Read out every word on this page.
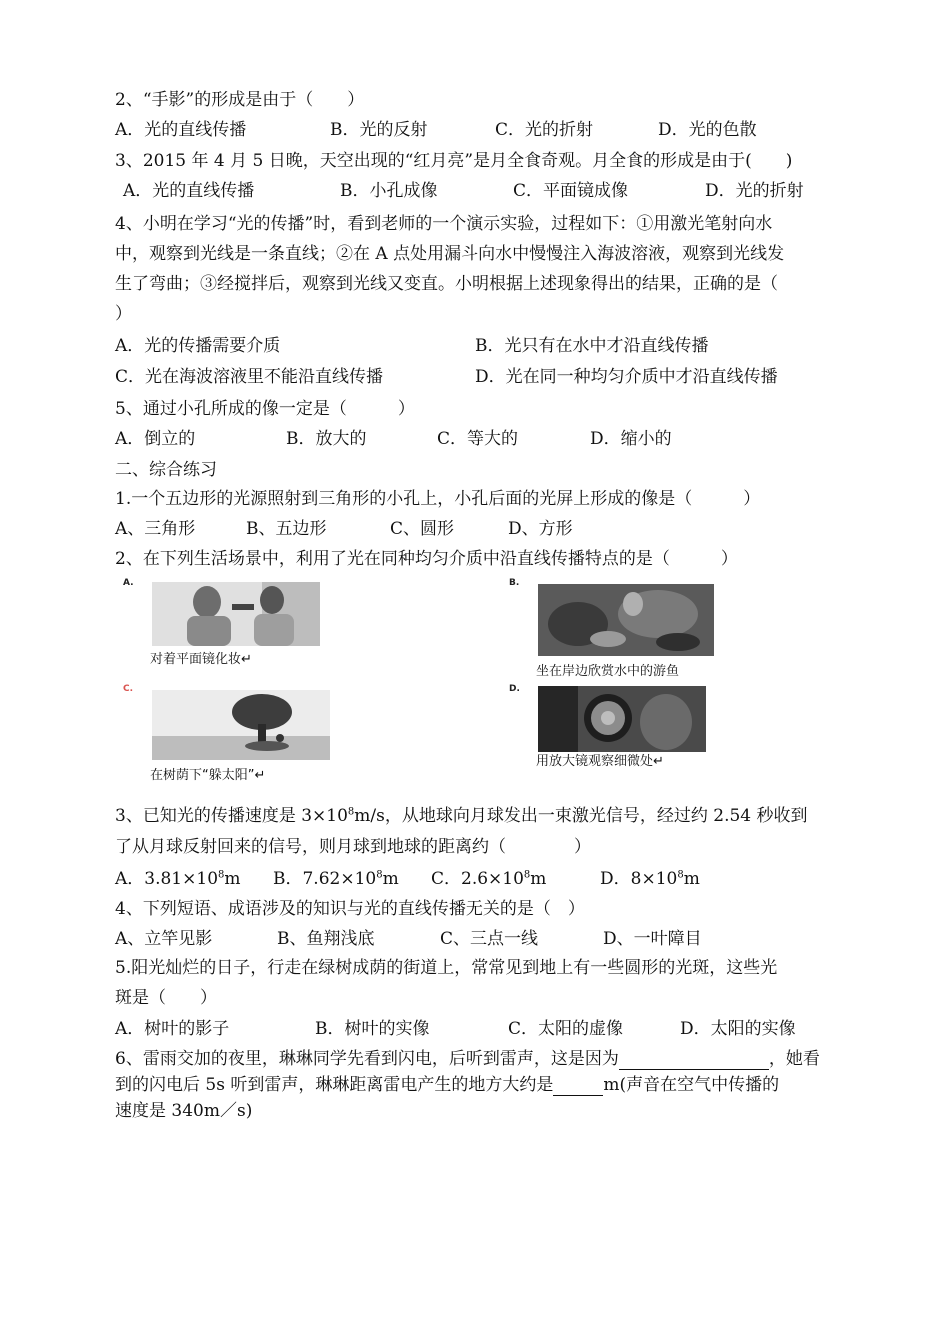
2、“手影”的形成是由于（　　）
A．光的直线传播	B．光的反射	C．光的折射	D．光的色散
3、2015 年 4 月 5 日晚，天空出现的“红月亮”是月全食奇观。月全食的形成是由于(　　)
A．光的直线传播	B．小孔成像	C．平面镜成像	D．光的折射
4、小明在学习“光的传播”时，看到老师的一个演示实验，过程如下：①用激光笔射向水
中，观察到光线是一条直线；②在 A 点处用漏斗向水中慢慢注入海波溶液，观察到光线发
生了弯曲；③经搅拌后，观察到光线又变直。小明根据上述现象得出的结果，正确的是（
）
A．光的传播需要介质	B．光只有在水中才沿直线传播
C．光在海波溶液里不能沿直线传播	D．光在同一种均匀介质中才沿直线传播
5、通过小孔所成的像一定是（　　　）
A．倒立的	B．放大的	C．等大的	D．缩小的
二、综合练习
1.一个五边形的光源照射到三角形的小孔上，小孔后面的光屏上形成的像是（　　　）
A、三角形	B、五边形	C、圆形	D、方形
2、在下列生活场景中，利用了光在同种均匀介质中沿直线传播特点的是（　　　）
A.
对着平面镜化妆↵
B.
坐在岸边欣赏水中的游鱼
C.
在树荫下“躲太阳”↵
D.
用放大镜观察细微处↵
3、已知光的传播速度是 $3\times 10^8m/s$，从地球向月球发出一束激光信号，经过约 2.54 秒收到
了从月球反射回来的信号，则月球到地球的距离约（　　　　）
A．$3.81\times 10^8m$ B．$7.62\times 10^8m$ C．$2.6\times 10^8m$	D．$8\times 10^8m$
4、下列短语、成语涉及的知识与光的直线传播无关的是（　）
A、立竿见影	B、鱼翔浅底	C、三点一线	D、一叶障目
5.阳光灿烂的日子，行走在绿树成荫的街道上，常常见到地上有一些圆形的光斑，这些光
斑是（　　）
A．树叶的影子	B．树叶的实像	C．太阳的虚像	D．太阳的实像
6、雷雨交加的夜里，琳琳同学先看到闪电，后听到雷声，这是因为	，她看
到的闪电后 5s 听到雷声，琳琳距离雷电产生的地方大约是	m(声音在空气中传播的
速度是 340m／s)
